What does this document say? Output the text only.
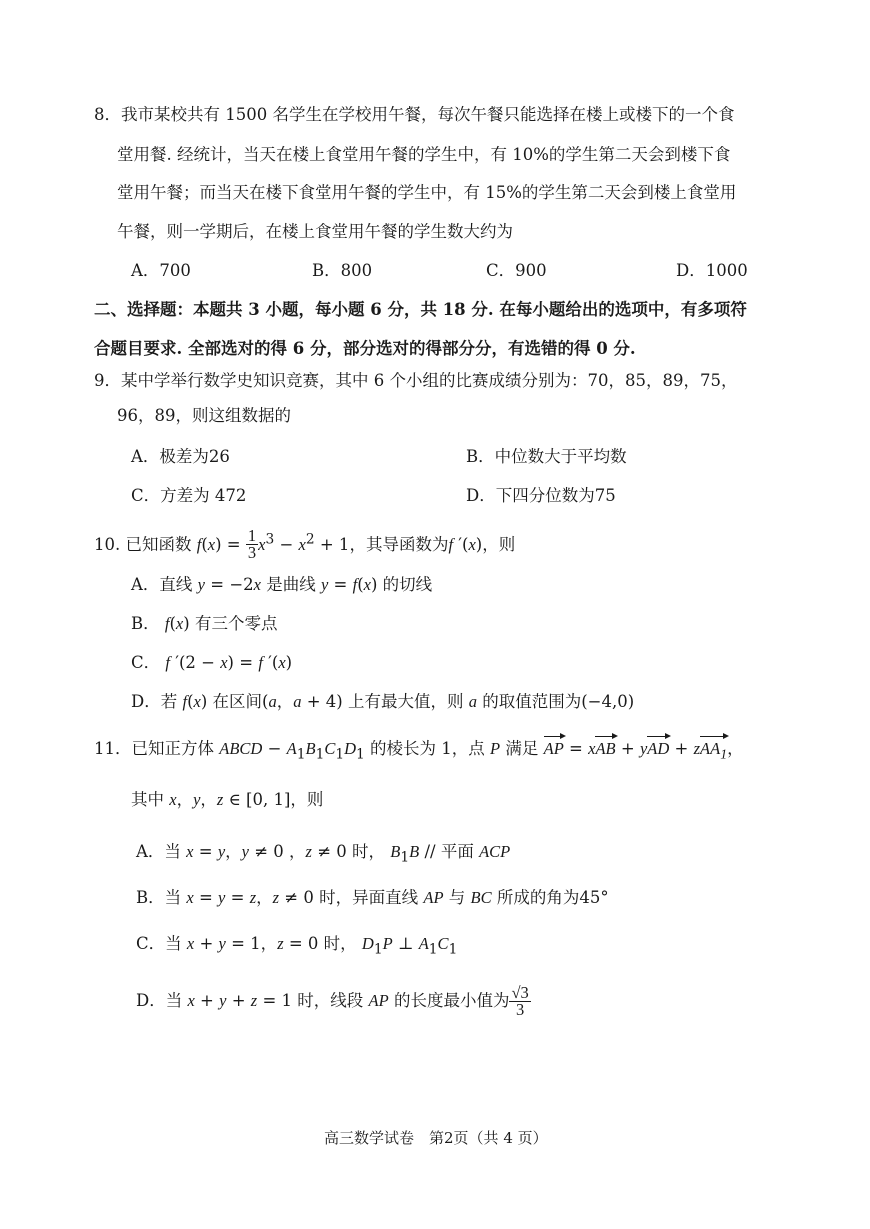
8．我市某校共有 1500 名学生在学校用午餐，每次午餐只能选择在楼上或楼下的一个食
堂用餐. 经统计，当天在楼上食堂用午餐的学生中，有 10%的学生第二天会到楼下食
堂用午餐；而当天在楼下食堂用午餐的学生中，有 15%的学生第二天会到楼上食堂用
午餐，则一学期后，在楼上食堂用午餐的学生数大约为
A．700	B．800	C．900	D．1000
二、选择题：本题共 3 小题，每小题 6 分，共 18 分. 在每小题给出的选项中，有多项符
合题目要求. 全部选对的得 6 分，部分选对的得部分分，有选错的得 0 分.
9．某中学举行数学史知识竞赛，其中 6 个小组的比赛成绩分别为：70，85，89，75，
96，89，则这组数据的
A．极差为26	B．中位数大于平均数
C．方差为 472	D．下四分位数为75
10. 已知函数 $f(x) = \frac{1}{3} x^3 - x^2 + 1$，其导函数为f ′(x)，则
A．直线 y = −2x 是曲线 y = f(x) 的切线
B． f(x) 有三个零点
C． f ′(2 − x) = f ′(x)
D．若 f(x) 在区间(a，a + 4) 上有最大值，则 a 的取值范围为(−4,0)
11．已知正方体 ABCD − $A_1B_1C_1D_1$ 的棱长为 1，点 P 满足 AP = xAB + yAD + zAA$_1$，
其中 x，y，z ∈ [0, 1]，则
A．当 x = y，y ≠ 0 ，z ≠ 0 时， $B_1B$ // 平面 ACP
B．当 x = y = z，z ≠ 0 时，异面直线 AP 与 BC 所成的角为45°
C．当 x + y = 1，z = 0 时， $D_1P$ ⊥ $A_1C_1$
D．当 x + y + z = 1 时，线段 AP 的长度最小值为 $\frac{√3}{3}$
高三数学试卷　第2页（共 4 页）
